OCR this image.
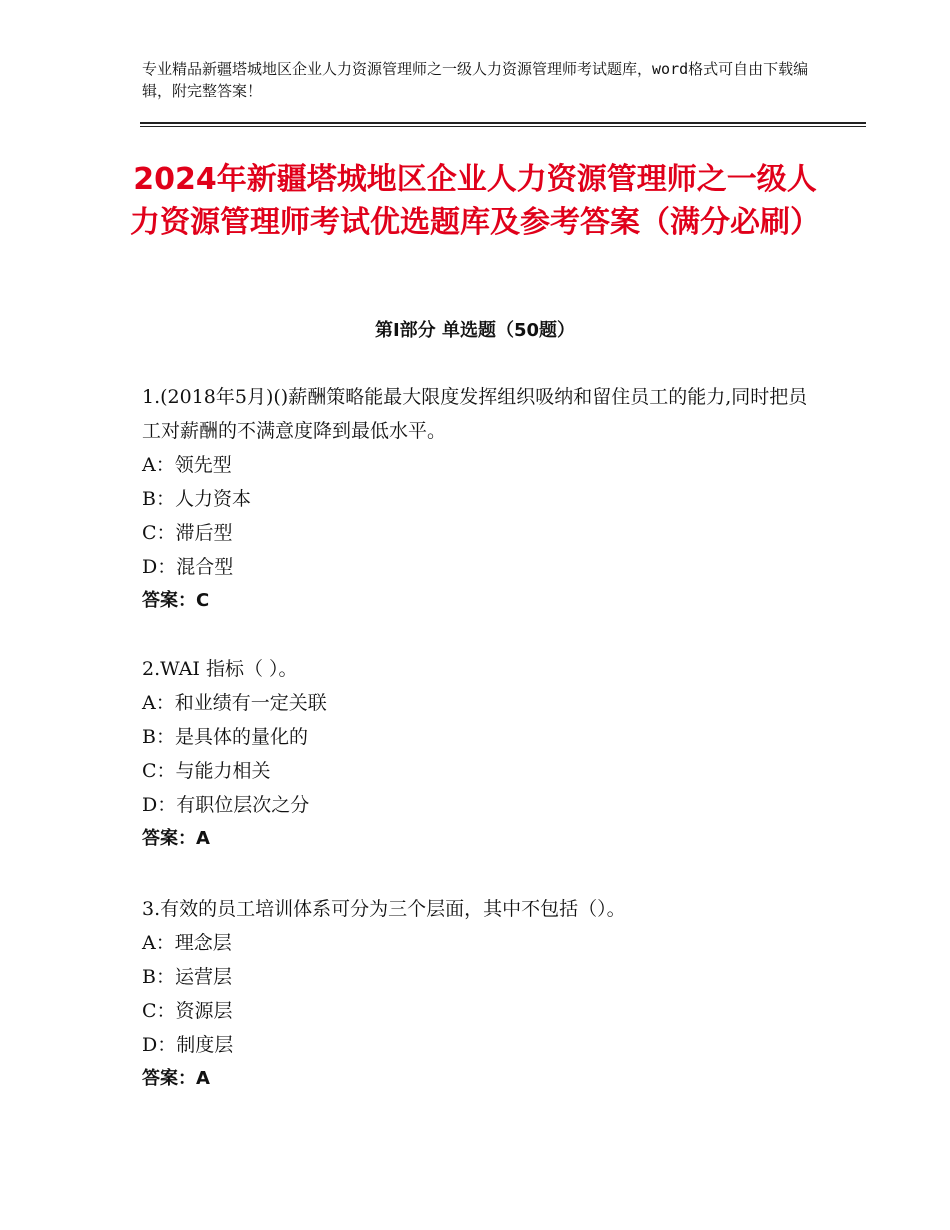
专业精品新疆塔城地区企业人力资源管理师之一级人力资源管理师考试题库，word格式可自由下载编辑，附完整答案！
2024年新疆塔城地区企业人力资源管理师之一级人力资源管理师考试优选题库及参考答案（满分必刷）
第Ⅰ部分 单选题（50题）
1.(2018年5月)()薪酬策略能最大限度发挥组织吸纳和留住员工的能力,同时把员工对薪酬的不满意度降到最低水平。
A：领先型
B：人力资本
C：滞后型
D：混合型
答案：C
2.WAI 指标（ ）。
A：和业绩有一定关联
B：是具体的量化的
C：与能力相关
D：有职位层次之分
答案：A
3.有效的员工培训体系可分为三个层面，其中不包括（）。
A：理念层
B：运营层
C：资源层
D：制度层
答案：A
